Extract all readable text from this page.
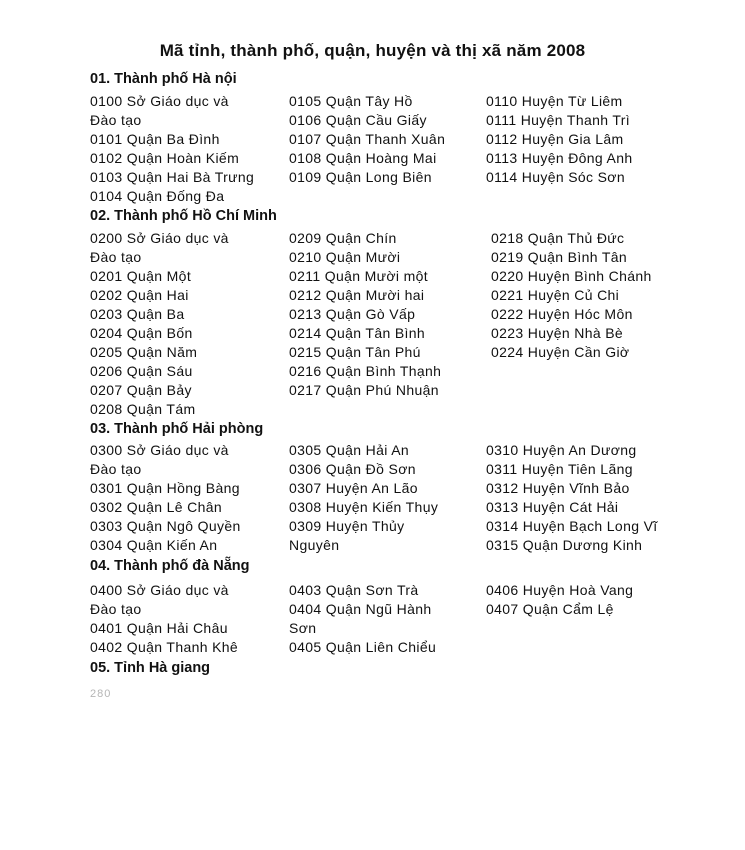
Mã tỉnh, thành phố, quận, huyện và thị xã năm 2008
01. Thành phố Hà nội
0100 Sở Giáo dục và
Đào tạo
0101 Quận Ba Đình
0102 Quận Hoàn Kiếm
0103 Quận Hai Bà Trưng
0104 Quận Đống Đa
0105 Quận Tây Hồ
0106 Quận Cầu Giấy
0107 Quận Thanh Xuân
0108 Quận Hoàng Mai
0109 Quận Long Biên
0110 Huyện Từ Liêm
0111 Huyện Thanh Trì
0112 Huyện Gia Lâm
0113 Huyện Đông Anh
0114 Huyện Sóc Sơn
02. Thành phố Hồ Chí Minh
0200 Sở Giáo dục và
Đào tạo
0201 Quận Một
0202 Quận Hai
0203 Quận Ba
0204 Quận Bốn
0205 Quận Năm
0206 Quận Sáu
0207 Quận Bảy
0208 Quận Tám
0209 Quận Chín
0210 Quận Mười
0211 Quận Mười một
0212 Quận Mười hai
0213 Quận Gò Vấp
0214 Quận Tân Bình
0215 Quận Tân Phú
0216 Quận Bình Thạnh
0217 Quận Phú Nhuận
0218 Quận Thủ Đức
0219 Quận Bình Tân
0220 Huyện Bình Chánh
0221 Huyện Củ Chi
0222 Huyện Hóc Môn
0223 Huyện Nhà Bè
0224 Huyện Cần Giờ
03. Thành phố Hải phòng
0300 Sở Giáo dục và
Đào tạo
0301 Quận Hồng Bàng
0302 Quận Lê Chân
0303 Quận Ngô Quyền
0304 Quận Kiến An
0305 Quận Hải An
0306 Quận Đồ Sơn
0307 Huyện An Lão
0308 Huyện Kiến Thụy
0309 Huyện Thủy
Nguyên
0310 Huyện An Dương
0311 Huyện Tiên Lãng
0312 Huyện Vĩnh Bảo
0313 Huyện Cát Hải
0314 Huyện Bạch Long Vĩ
0315 Quận Dương Kinh
04. Thành phố đà Nẵng
0400 Sở Giáo dục và
Đào tạo
0401 Quận Hải Châu
0402 Quận Thanh Khê
0403 Quận Sơn Trà
0404 Quận Ngũ Hành
Sơn
0405 Quận Liên Chiểu
0406 Huyện Hoà Vang
0407 Quận Cẩm Lệ
05. Tỉnh Hà giang
280
